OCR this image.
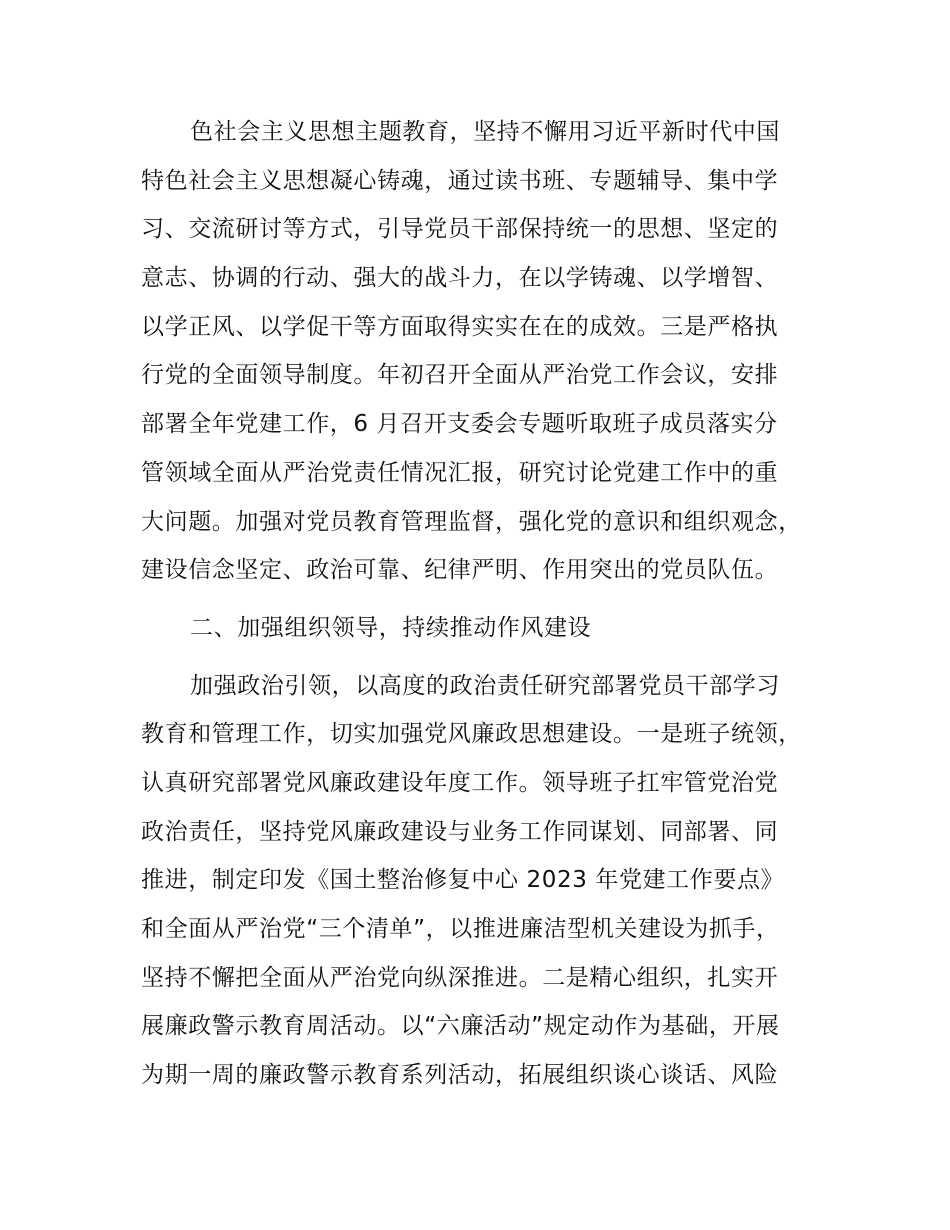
色社会主义思想主题教育，坚持不懈用习近平新时代中国
特色社会主义思想凝心铸魂，通过读书班、专题辅导、集中学
习、交流研讨等方式，引导党员干部保持统一的思想、坚定的
意志、协调的行动、强大的战斗力，在以学铸魂、以学增智、
以学正风、以学促干等方面取得实实在在的成效。三是严格执
行党的全面领导制度。年初召开全面从严治党工作会议，安排
部署全年党建工作，6 月召开支委会专题听取班子成员落实分
管领域全面从严治党责任情况汇报，研究讨论党建工作中的重
大问题。加强对党员教育管理监督，强化党的意识和组织观念，
建设信念坚定、政治可靠、纪律严明、作用突出的党员队伍。
二、加强组织领导，持续推动作风建设
加强政治引领，以高度的政治责任研究部署党员干部学习
教育和管理工作，切实加强党风廉政思想建设。一是班子统领，
认真研究部署党风廉政建设年度工作。领导班子扛牢管党治党
政治责任，坚持党风廉政建设与业务工作同谋划、同部署、同
推进，制定印发《国土整治修复中心 2023 年党建工作要点》
和全面从严治党“三个清单”，以推进廉洁型机关建设为抓手，
坚持不懈把全面从严治党向纵深推进。二是精心组织，扎实开
展廉政警示教育周活动。以“六廉活动”规定动作为基础，开展
为期一周的廉政警示教育系列活动，拓展组织谈心谈话、风险
